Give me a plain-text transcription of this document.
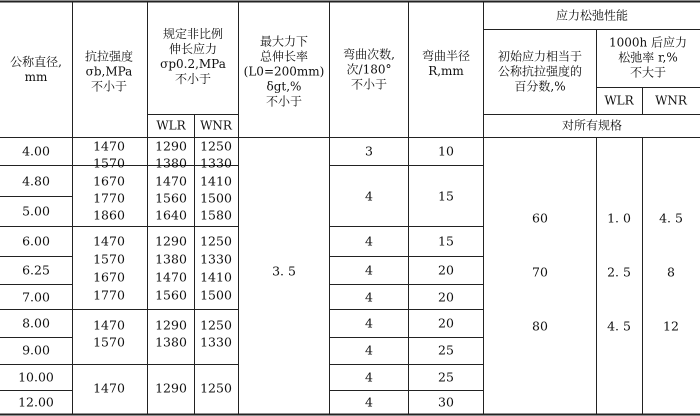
公称直径,
mm
抗拉强度
σb,MPa
不小于
规定非比例
伸长应力
σp0.2,MPa
不小于
WLR WNR
最大力下
总伸长率
(L0=200mm)
δgt,%
不小于
弯曲次数,
次/180°
不小于
弯曲半径
R,mm
应力松弛性能
初始应力相当于
公称抗拉强度的
百分数,%
1000h 后应力
松弛率 r,%
不大于
WLR WNR
对所有规格
4.00
4.80
5.00
6.00
6.25
7.00
8.00
9.00
10.00
12.00
1470
1570
1670
1770
1860
1470
1570
1670
1770
1470
1570
1470
1290
1380
1470
1560
1640
1290
1380
1470
1560
1290
1380
1290
1250
1330
1410
1500
1580
1250
1330
1410
1500
1250
1330
1250
3. 5
3
4
4
4
4
4
4
4
4
10
15
15
20
20
20
25
25
30
60
70
80
1. 0
2. 5
4. 5
4. 5
8
12
